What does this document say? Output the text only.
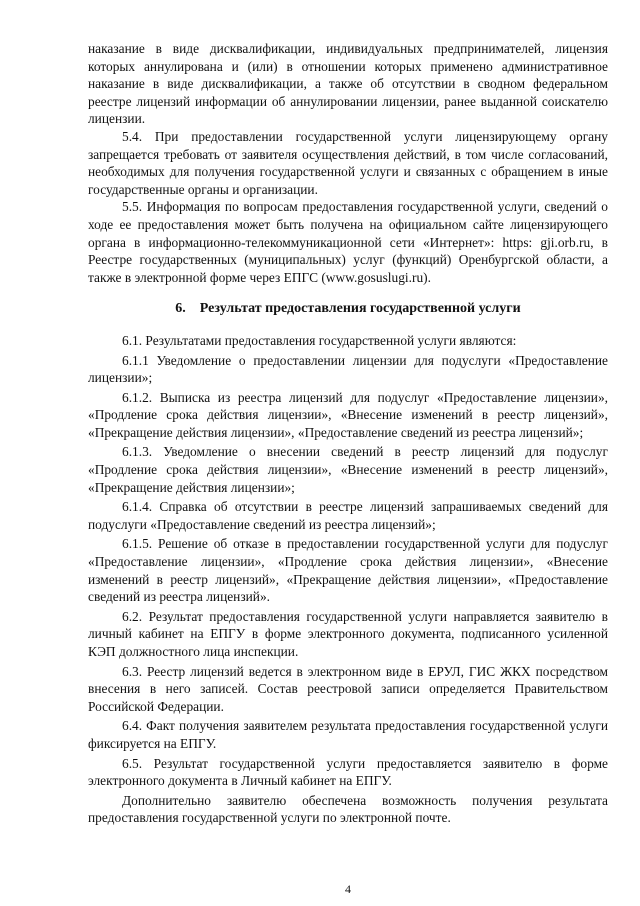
наказание в виде дисквалификации, индивидуальных предпринимателей, лицензия которых аннулирована и (или) в отношении которых применено административное наказание в виде дисквалификации, а также об отсутствии в сводном федеральном реестре лицензий информации об аннулировании лицензии, ранее выданной соискателю лицензии.

5.4. При предоставлении государственной услуги лицензирующему органу запрещается требовать от заявителя осуществления действий, в том числе согласований, необходимых для получения государственной услуги и связанных с обращением в иные государственные органы и организации.

5.5. Информация по вопросам предоставления государственной услуги, сведений о ходе ее предоставления может быть получена на официальном сайте лицензирующего органа в информационно-телекоммуникационной сети «Интернет»: https: gji.orb.ru, в Реестре государственных (муниципальных) услуг (функций) Оренбургской области, а также в электронной форме через ЕПГС (www.gosuslugi.ru).

6. Результат предоставления государственной услуги

6.1. Результатами предоставления государственной услуги являются:

6.1.1 Уведомление о предоставлении лицензии для подуслуги «Предоставление лицензии»;

6.1.2. Выписка из реестра лицензий для подуслуг «Предоставление лицензии», «Продление срока действия лицензии», «Внесение изменений в реестр лицензий», «Прекращение действия лицензии», «Предоставление сведений из реестра лицензий»;

6.1.3. Уведомление о внесении сведений в реестр лицензий для подуслуг «Продление срока действия лицензии», «Внесение изменений в реестр лицензий», «Прекращение действия лицензии»;

6.1.4. Справка об отсутствии в реестре лицензий запрашиваемых сведений для подуслуги «Предоставление сведений из реестра лицензий»;

6.1.5. Решение об отказе в предоставлении государственной услуги для подуслуг «Предоставление лицензии», «Продление срока действия лицензии», «Внесение изменений в реестр лицензий», «Прекращение действия лицензии», «Предоставление сведений из реестра лицензий».

6.2. Результат предоставления государственной услуги направляется заявителю в личный кабинет на ЕПГУ в форме электронного документа, подписанного усиленной КЭП должностного лица инспекции.

6.3. Реестр лицензий ведется в электронном виде в ЕРУЛ, ГИС ЖКХ посредством внесения в него записей. Состав реестровой записи определяется Правительством Российской Федерации.

6.4. Факт получения заявителем результата предоставления государственной услуги фиксируется на ЕПГУ.

6.5. Результат государственной услуги предоставляется заявителю в форме электронного документа в Личный кабинет на ЕПГУ.

Дополнительно заявителю обеспечена возможность получения результата предоставления государственной услуги по электронной почте.

4
